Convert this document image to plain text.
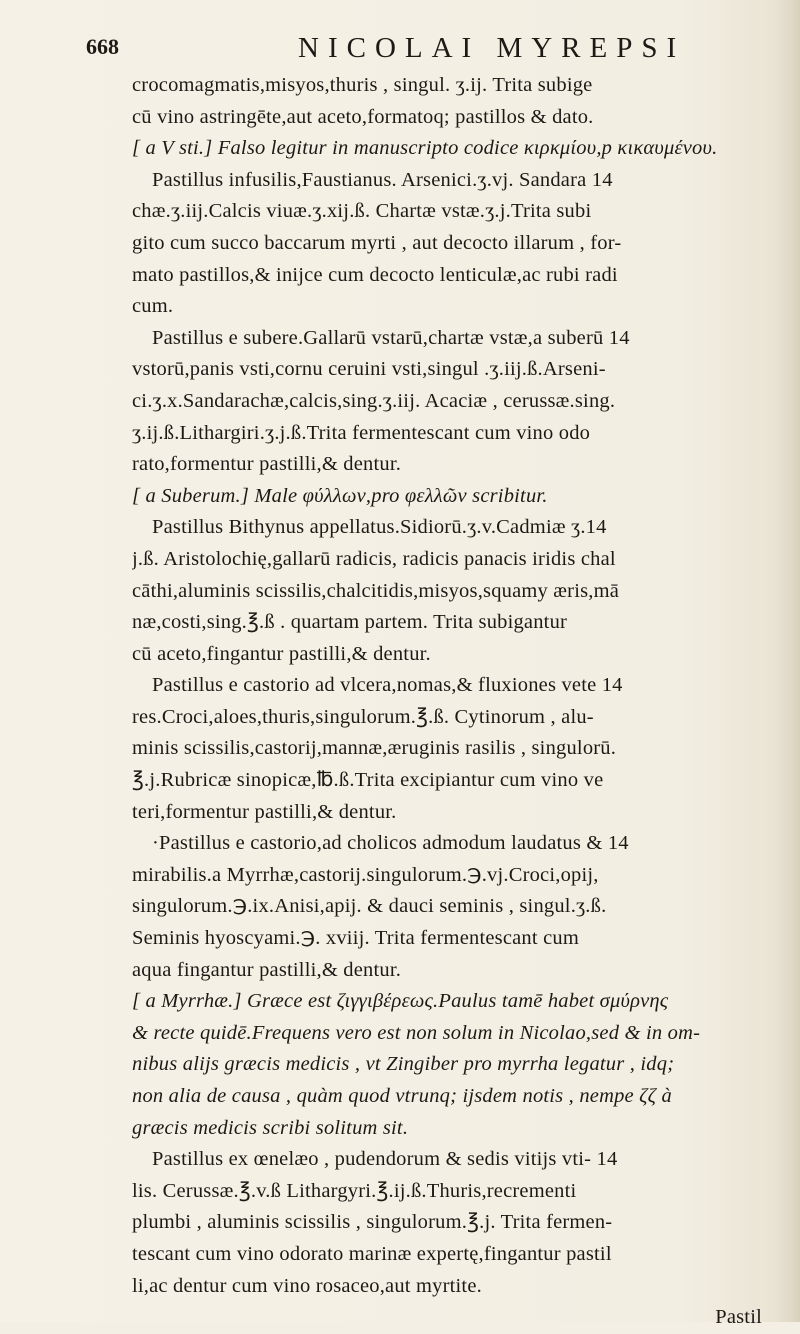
668	NICOLAI MYREPSI
crocomagmatis,misyos,thuris , singul. ʒ.ij. Trita subige
cū vino astringēte,aut aceto,formatoq; pastillos & dato.
[ a V sti.] Falso legitur in manuscripto codice κιρκμίου,p κικαυμένου.
Pastillus infusilis,Faustianus. Arsenici.ʒ.vj. Sandara 14
chæ.ʒ.iij.Calcis viuæ.ʒ.xij.ß. Chartæ vstæ.ʒ.j.Trita subi
gito cum succo baccarum myrti , aut decocto illarum , for-
mato pastillos,& inijce cum decocto lenticulæ,ac rubi radi
cum.
Pastillus e subere.Gallarū vstarū,chartæ vstæ,a suberū 14
vstorū,panis vsti,cornu ceruini vsti,singul .ʒ.iij.ß.Arseni-
ci.ʒ.x.Sandarachæ,calcis,sing.ʒ.iij. Acaciæ , cerussæ.sing.
ʒ.ij.ß.Lithargiri.ʒ.j.ß.Trita fermentescant cum vino odo
rato,formentur pastilli,& dentur.
[ a Suberum.] Male φύλλων,pro φελλῶν scribitur.
Pastillus Bithynus appellatus.Sidiorū.ʒ.v.Cadmiæ ʒ.14
j.ß. Aristolochię,gallarū radicis, radicis panacis iridis chal
cāthi,aluminis scissilis,chalcitidis,misyos,squamy æris,mā
næ,costi,sing.℥.ß . quartam partem. Trita subigantur
cū aceto,fingantur pastilli,& dentur.
Pastillus e castorio ad vlcera,nomas,& fluxiones vete 14
res.Croci,aloes,thuris,singulorum.℥.ß. Cytinorum , alu-
minis scissilis,castorij,mannæ,æruginis rasilis , singulorū.
℥.j.Rubricæ sinopicæ,℔.ß.Trita excipiantur cum vino ve
teri,formentur pastilli,& dentur.
·Pastillus e castorio,ad cholicos admodum laudatus & 14
mirabilis.a Myrrhæ,castorij.singulorum.℈.vj.Croci,opij,
singulorum.℈.ix.Anisi,apij. & dauci seminis , singul.ʒ.ß.
Seminis hyoscyami.℈. xviij. Trita fermentescant cum
aqua fingantur pastilli,& dentur.
[ a Myrrhæ.] Græce est ζιγγιβέρεως.Paulus tamē habet σμύρνης
& recte quidē.Frequens vero est non solum in Nicolao,sed & in om-
nibus alijs græcis medicis , vt Zingiber pro myrrha legatur , idq;
non alia de causa , quàm quod vtrunq; ijsdem notis , nempe ζζ à
græcis medicis scribi solitum sit.
Pastillus ex œnelæo , pudendorum & sedis vitijs vti- 14
lis. Cerussæ.℥.v.ß Lithargyri.℥.ij.ß.Thuris,recrementi
plumbi , aluminis scissilis , singulorum.℥.j. Trita fermen-
tescant cum vino odorato marinæ expertę,fingantur pastil
li,ac dentur cum vino rosaceo,aut myrtite.
Pastil
